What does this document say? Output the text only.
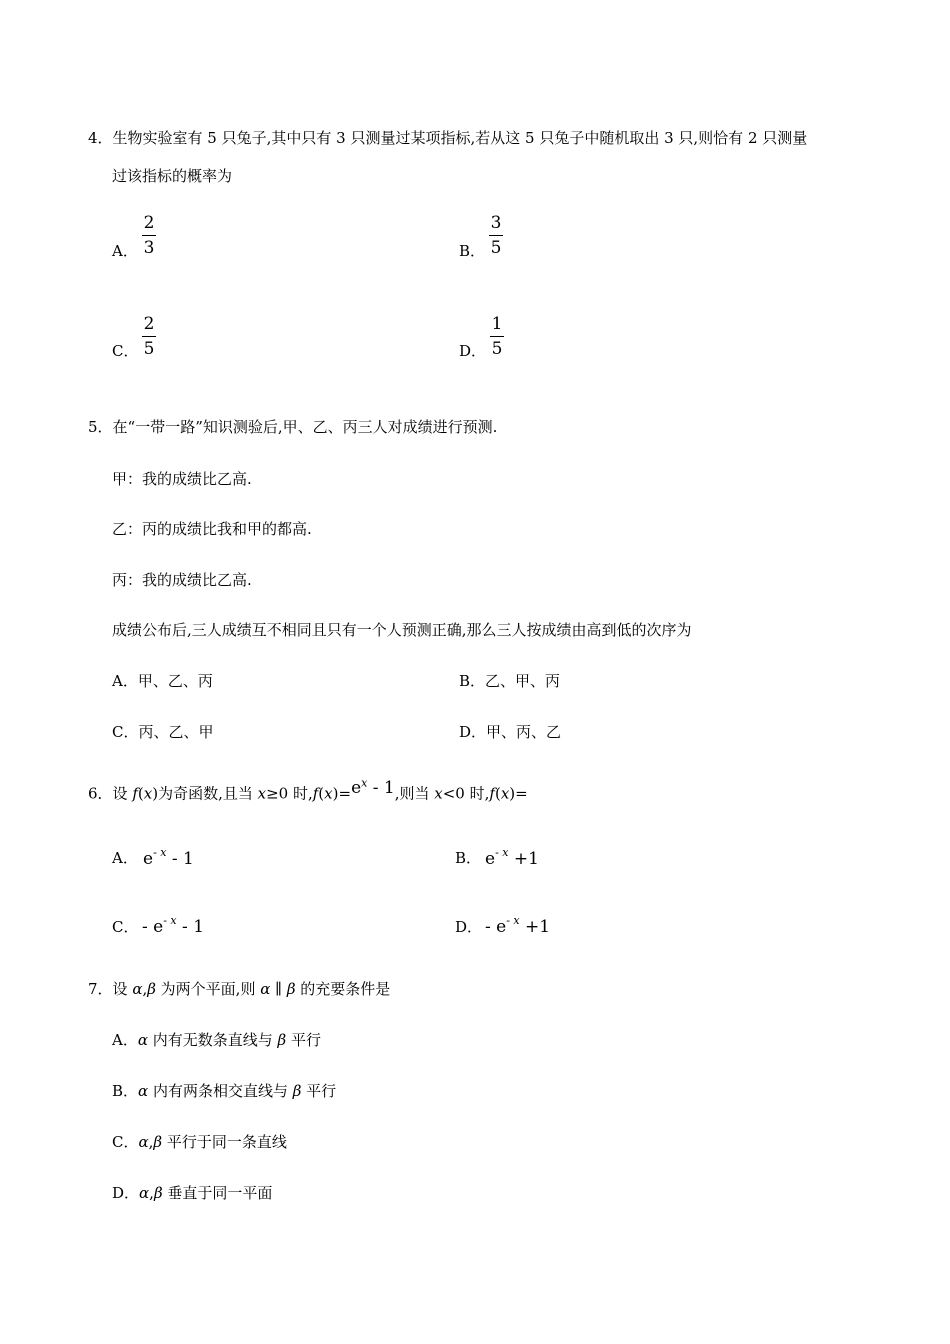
4．生物实验室有 5 只兔子,其中只有 3 只测量过某项指标,若从这 5 只兔子中随机取出 3 只,则恰有 2 只测量
过该指标的概率为
A．
2
3	B．
3
5
C．
2
5	D．
1
5
5．在“一带一路”知识测验后,甲、乙、丙三人对成绩进行预测.
甲：我的成绩比乙高.
乙：丙的成绩比我和甲的都高.
丙：我的成绩比乙高.
成绩公布后,三人成绩互不相同且只有一个人预测正确,那么三人按成绩由高到低的次序为
A．甲、乙、丙	B．乙、甲、丙
C．丙、乙、甲	D．甲、丙、乙
6．设 f(x)为奇函数,且当 x≥0 时$,f(x)=e^x - 1$,则当 x<0 时,f(x)=
A． $e^{- x} - 1$	B． $e^{- x} +1$
C． - $e^{- x} - 1$	D． - $e^{- x} +1$
7．设 α,β 为两个平面,则 α ∥ β 的充要条件是
A．α 内有无数条直线与 β 平行
B．α 内有两条相交直线与 β 平行
C．α,β 平行于同一条直线
D．α,β 垂直于同一平面
